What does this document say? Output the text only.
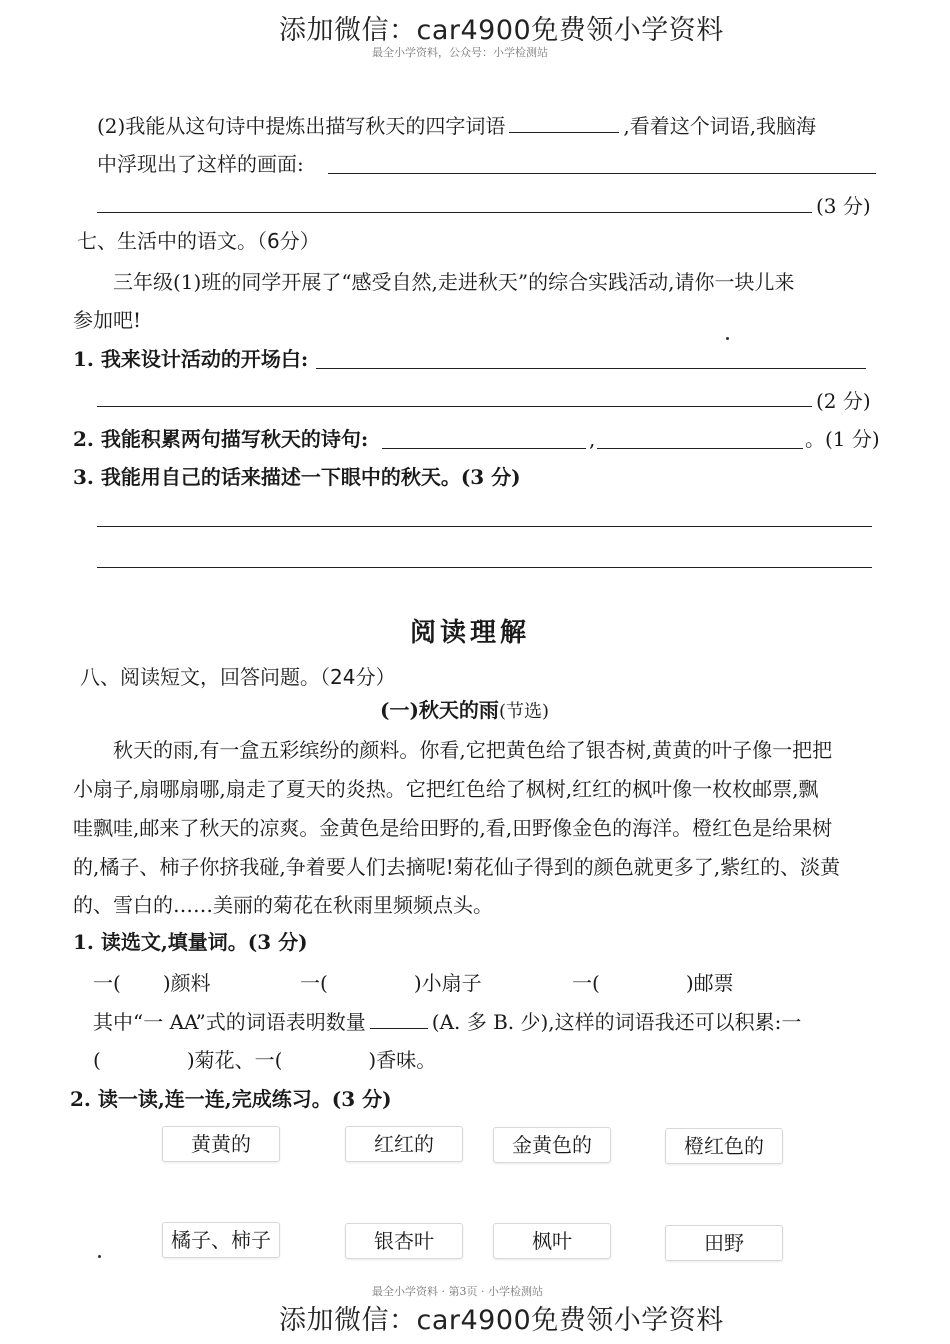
添加微信：car4900免费领小学资料
最全小学资料，公众号：小学检测站
(2)我能从这句诗中提炼出描写秋天的四字词语	,看着这个词语,我脑海
中浮现出了这样的画面:
(3 分)
七、生活中的语文。（6分）
三年级(1)班的同学开展了“感受自然,走进秋天”的综合实践活动,请你一块儿来
参加吧!
1. 我来设计活动的开场白:
(2 分)
2. 我能积累两句描写秋天的诗句:	,	。(1 分)
3. 我能用自己的话来描述一下眼中的秋天。(3 分)
阅读理解
八、阅读短文，回答问题。（24分）
(一)秋天的雨(节选)
秋天的雨,有一盒五彩缤纷的颜料。你看,它把黄色给了银杏树,黄黄的叶子像一把把
小扇子,扇哪扇哪,扇走了夏天的炎热。它把红色给了枫树,红红的枫叶像一枚枚邮票,飘
哇飘哇,邮来了秋天的凉爽。金黄色是给田野的,看,田野像金色的海洋。橙红色是给果树
的,橘子、柿子你挤我碰,争着要人们去摘呢!菊花仙子得到的颜色就更多了,紫红的、淡黄
的、雪白的……美丽的菊花在秋雨里频频点头。
1. 读选文,填量词。(3 分)
一( )颜料	一(	)小扇子	一(	)邮票
其中“一 AA”式的词语表明数量	(A. 多 B. 少),这样的词语我还可以积累:一
(	)菊花、一(	)香味。
2. 读一读,连一连,完成练习。(3 分)
黄黄的	红红的	金黄色的	橙红色的
橘子、柿子	银杏叶	枫叶	田野
最全小学资料 · 第3页 · 小学检测站
添加微信：car4900免费领小学资料
